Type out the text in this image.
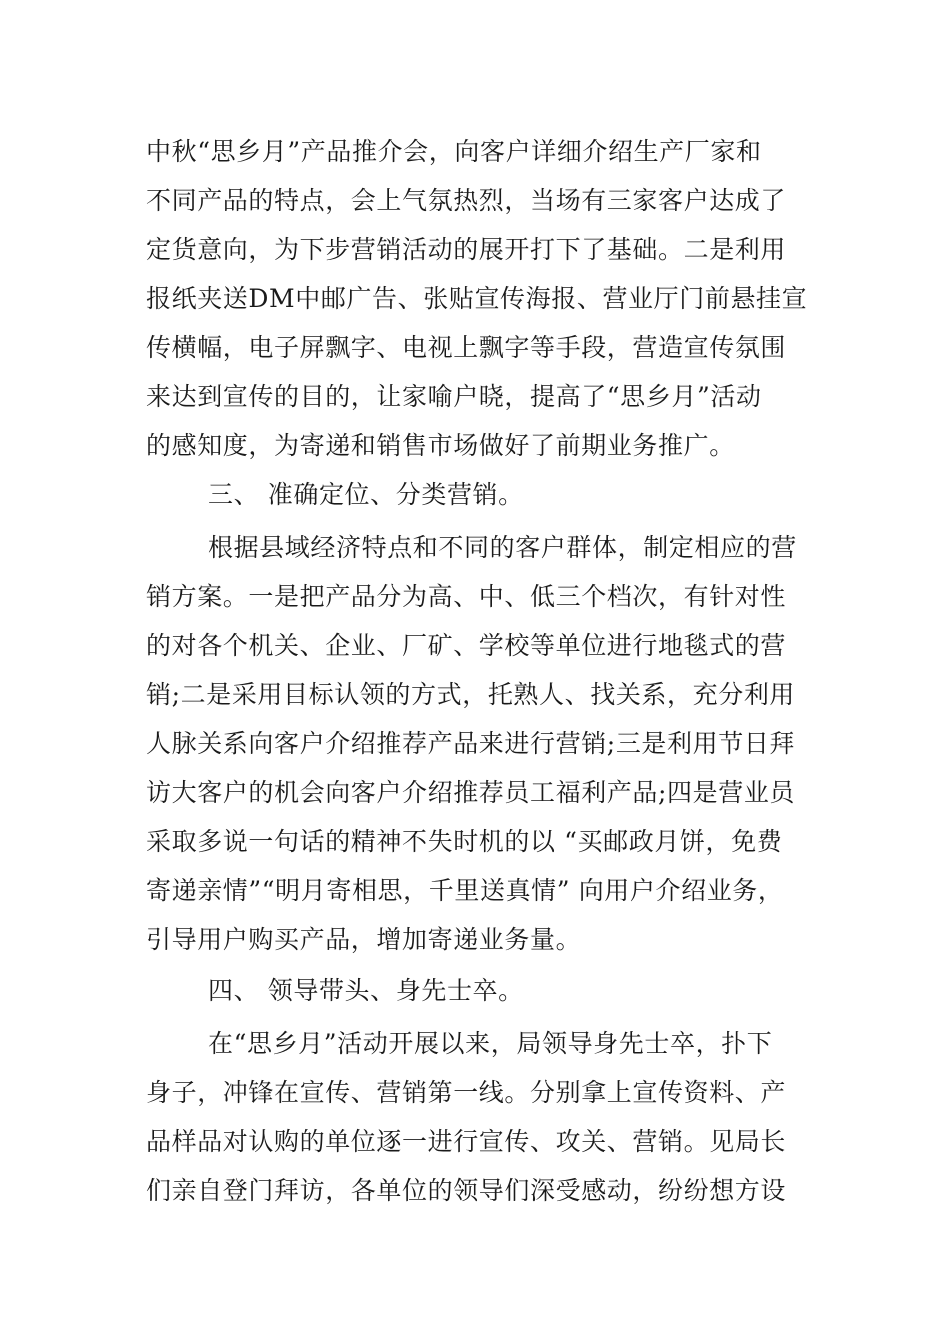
中秋“思乡月”产品推介会，向客户详细介绍生产厂家和
不同产品的特点，会上气氛热烈，当场有三家客户达成了
定货意向，为下步营销活动的展开打下了基础。二是利用
报纸夹送DM中邮广告、张贴宣传海报、营业厅门前悬挂宣
传横幅，电子屏飘字、电视上飘字等手段，营造宣传氛围
来达到宣传的目的，让家喻户晓，提高了“思乡月”活动
的感知度，为寄递和销售市场做好了前期业务推广。
三、 准确定位、分类营销。
根据县域经济特点和不同的客户群体，制定相应的营
销方案。一是把产品分为高、中、低三个档次，有针对性
的对各个机关、企业、厂矿、学校等单位进行地毯式的营
销;二是采用目标认领的方式，托熟人、找关系，充分利用
人脉关系向客户介绍推荐产品来进行营销;三是利用节日拜
访大客户的机会向客户介绍推荐员工福利产品;四是营业员
采取多说一句话的精神不失时机的以 “买邮政月饼，免费
寄递亲情”“明月寄相思，千里送真情” 向用户介绍业务，
引导用户购买产品，增加寄递业务量。
四、 领导带头、身先士卒。
在“思乡月”活动开展以来，局领导身先士卒，扑下
身子，冲锋在宣传、营销第一线。分别拿上宣传资料、产
品样品对认购的单位逐一进行宣传、攻关、营销。见局长
们亲自登门拜访，各单位的领导们深受感动，纷纷想方设
